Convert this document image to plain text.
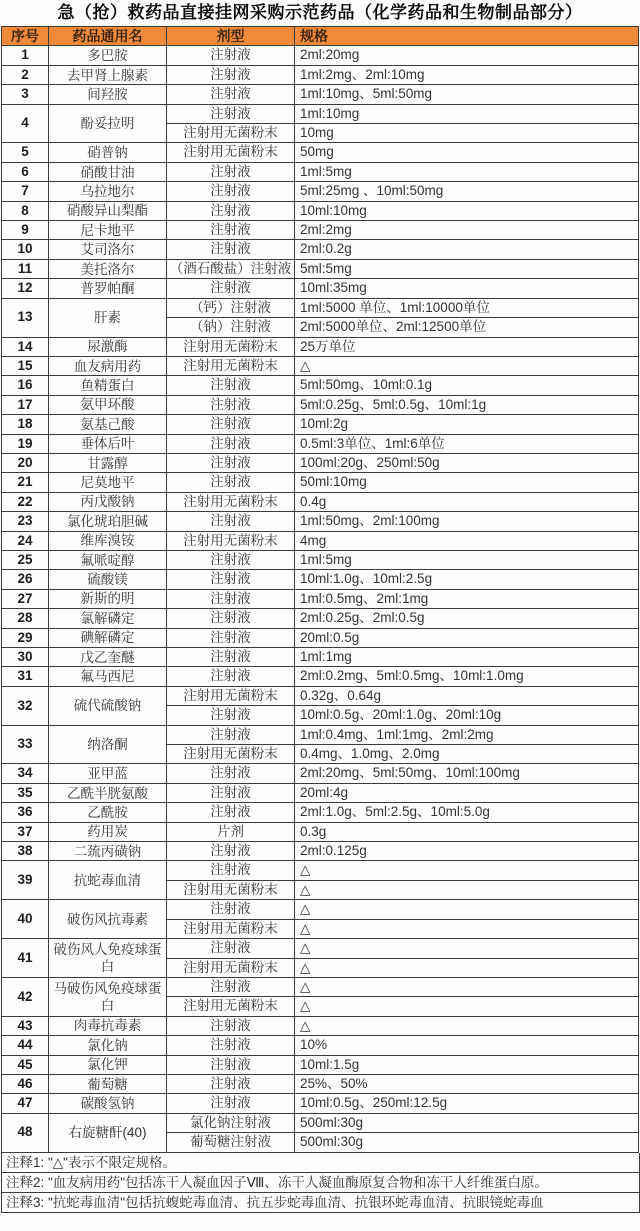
急（抢）救药品直接挂网采购示范药品（化学药品和生物制品部分）
序号	药品通用名	剂型	规格
1	多巴胺	注射液	2ml:20mg
2	去甲肾上腺素	注射液	1ml:2mg、2ml:10mg
3	间羟胺	注射液	1ml:10mg、5ml:50mg
4	酚妥拉明	注射液	1ml:10mg
		注射用无菌粉末	10mg
5	硝普钠	注射用无菌粉末	50mg
6	硝酸甘油	注射液	1ml:5mg
7	乌拉地尔	注射液	5ml:25mg 、10ml:50mg
8	硝酸异山梨酯	注射液	10ml:10mg
9	尼卡地平	注射液	2ml:2mg
10	艾司洛尔	注射液	2ml:0.2g
11	美托洛尔	（酒石酸盐）注射液	5ml:5mg
12	普罗帕酮	注射液	10ml:35mg
13	肝素	（钙）注射液	1ml:5000 单位、1ml:10000单位
		（钠）注射液	2ml:5000单位、2ml:12500单位
14	尿激酶	注射用无菌粉末	25万单位
15	血友病用药	注射用无菌粉末	△
16	鱼精蛋白	注射液	5ml:50mg、10ml:0.1g
17	氨甲环酸	注射液	5ml:0.25g、5ml:0.5g、10ml:1g
18	氨基己酸	注射液	10ml:2g
19	垂体后叶	注射液	0.5ml:3单位、1ml:6单位
20	甘露醇	注射液	100ml:20g、250ml:50g
21	尼莫地平	注射液	50ml:10mg
22	丙戊酸钠	注射用无菌粉末	0.4g
23	氯化琥珀胆碱	注射液	1ml:50mg、2ml:100mg
24	维库溴铵	注射用无菌粉末	4mg
25	氟哌啶醇	注射液	1ml:5mg
26	硫酸镁	注射液	10ml:1.0g、10ml:2.5g
27	新斯的明	注射液	1ml:0.5mg、2ml:1mg
28	氯解磷定	注射液	2ml:0.25g、2ml:0.5g
29	碘解磷定	注射液	20ml:0.5g
30	戊乙奎醚	注射液	1ml:1mg
31	氟马西尼	注射液	2ml:0.2mg、5ml:0.5mg、10ml:1.0mg
32	硫代硫酸钠	注射用无菌粉末	0.32g、0.64g
		注射液	10ml:0.5g、20ml:1.0g、20ml:10g
33	纳洛酮	注射液	1ml:0.4mg、1ml:1mg、2ml:2mg
		注射用无菌粉末	0.4mg、1.0mg、2.0mg
34	亚甲蓝	注射液	2ml:20mg、5ml:50mg、10ml:100mg
35	乙酰半胱氨酸	注射液	20ml:4g
36	乙酰胺	注射液	2ml:1.0g、5ml:2.5g、10ml:5.0g
37	药用炭	片剂	0.3g
38	二巯丙磺钠	注射液	2ml:0.125g
39	抗蛇毒血清	注射液	△
		注射用无菌粉末	△
40	破伤风抗毒素	注射液	△
		注射用无菌粉末	△
41	破伤风人免疫球蛋白	注射液	△
		注射用无菌粉末	△
42	马破伤风免疫球蛋白	注射液	△
		注射用无菌粉末	△
43	肉毒抗毒素	注射液	△
44	氯化钠	注射液	10%
45	氯化钾	注射液	10ml:1.5g
46	葡萄糖	注射液	25%、50%
47	碳酸氢钠	注射液	10ml:0.5g、250ml:12.5g
48	右旋糖酐(40)	氯化钠注射液	500ml:30g
		葡萄糖注射液	500ml:30g
注释1: "△"表示不限定规格。
注释2: "血友病用药"包括冻干人凝血因子Ⅷ、冻干人凝血酶原复合物和冻干人纤维蛋白原。
注释3: "抗蛇毒血清"包括抗蝮蛇毒血清、抗五步蛇毒血清、抗银环蛇毒血清、抗眼镜蛇毒血
